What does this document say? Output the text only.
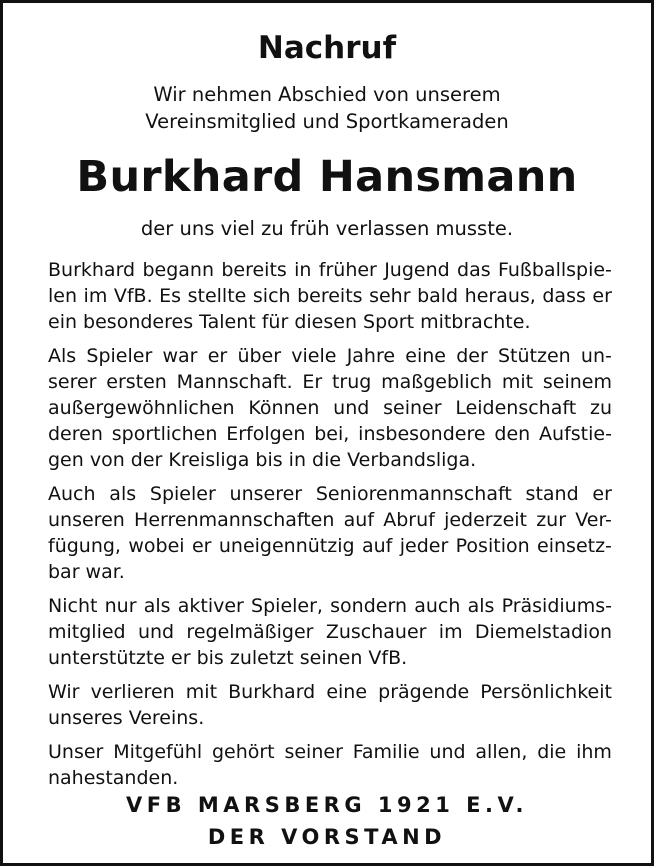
Nachruf
Wir nehmen Abschied von unserem
Vereinsmitglied und Sportkameraden
Burkhard Hansmann
der uns viel zu früh verlassen musste.
Burkhard begann bereits in früher Jugend das Fußballspie-
len im VfB. Es stellte sich bereits sehr bald heraus, dass er
ein besonderes Talent für diesen Sport mitbrachte.
Als Spieler war er über viele Jahre eine der Stützen un-
serer ersten Mannschaft. Er trug maßgeblich mit seinem
außergewöhnlichen Können und seiner Leidenschaft zu
deren sportlichen Erfolgen bei, insbesondere den Aufstie-
gen von der Kreisliga bis in die Verbandsliga.
Auch als Spieler unserer Seniorenmannschaft stand er
unseren Herrenmannschaften auf Abruf jederzeit zur Ver-
fügung, wobei er uneigennützig auf jeder Position einsetz-
bar war.
Nicht nur als aktiver Spieler, sondern auch als Präsidiums-
mitglied und regelmäßiger Zuschauer im Diemelstadion
unterstützte er bis zuletzt seinen VfB.
Wir verlieren mit Burkhard eine prägende Persönlichkeit
unseres Vereins.
Unser Mitgefühl gehört seiner Familie und allen, die ihm
nahestanden.
VFB MARSBERG 1921 E.V.
DER VORSTAND
